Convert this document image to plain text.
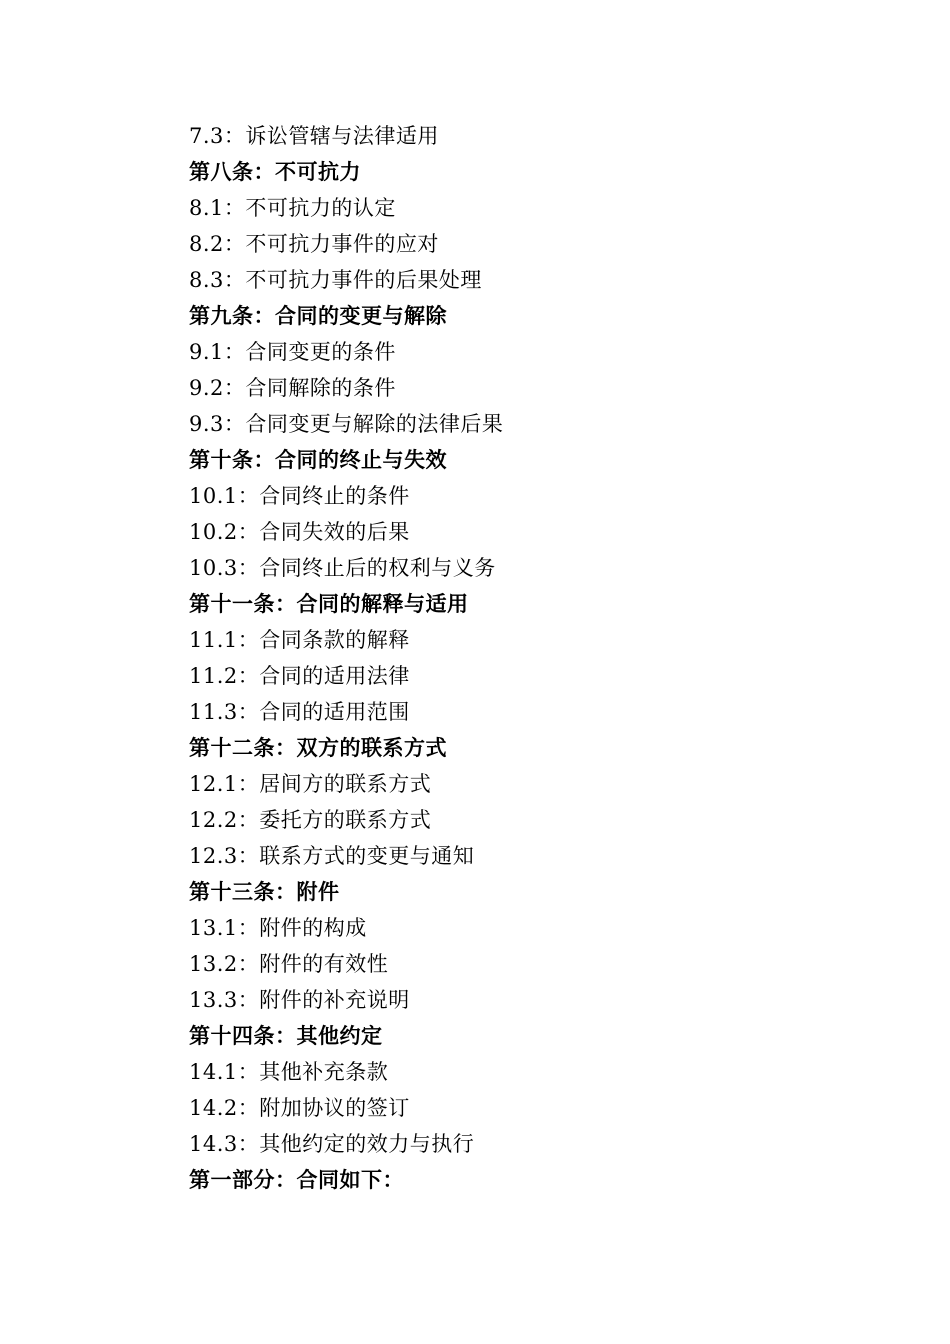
7.3：诉讼管辖与法律适用
第八条：不可抗力
8.1：不可抗力的认定
8.2：不可抗力事件的应对
8.3：不可抗力事件的后果处理
第九条：合同的变更与解除
9.1：合同变更的条件
9.2：合同解除的条件
9.3：合同变更与解除的法律后果
第十条：合同的终止与失效
10.1：合同终止的条件
10.2：合同失效的后果
10.3：合同终止后的权利与义务
第十一条：合同的解释与适用
11.1：合同条款的解释
11.2：合同的适用法律
11.3：合同的适用范围
第十二条：双方的联系方式
12.1：居间方的联系方式
12.2：委托方的联系方式
12.3：联系方式的变更与通知
第十三条：附件
13.1：附件的构成
13.2：附件的有效性
13.3：附件的补充说明
第十四条：其他约定
14.1：其他补充条款
14.2：附加协议的签订
14.3：其他约定的效力与执行
第一部分：合同如下：
